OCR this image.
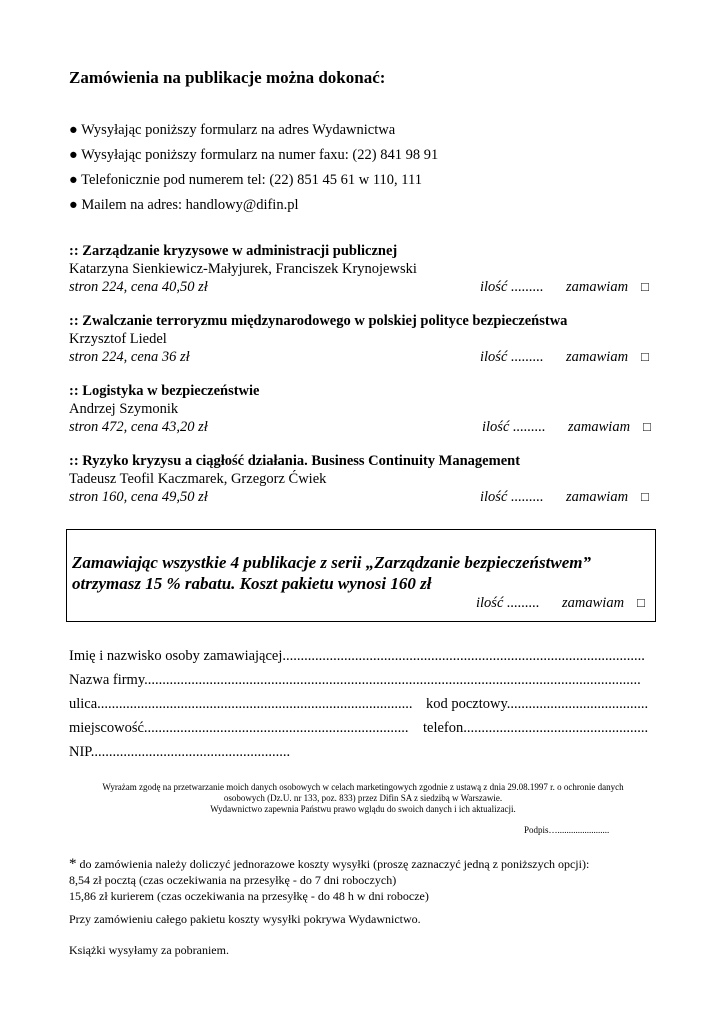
Zamówienia na publikacje można dokonać:
● Wysyłając poniższy formularz na adres Wydawnictwa
● Wysyłając poniższy formularz na numer faxu: (22) 841 98 91
● Telefonicznie pod numerem tel: (22) 851 45 61 w 110, 111
● Mailem na adres: handlowy@difin.pl
:: Zarządzanie kryzysowe w administracji publicznej
Katarzyna Sienkiewicz-Małyjurek, Franciszek Krynojewski
stron 224, cena 40,50 zł	ilość ......... zamawiam □
:: Zwalczanie terroryzmu międzynarodowego w polskiej polityce bezpieczeństwa
Krzysztof Liedel
stron 224, cena 36 zł	ilość ......... zamawiam □
:: Logistyka w bezpieczeństwie
Andrzej Szymonik
stron 472, cena 43,20 zł	ilość ......... zamawiam □
:: Ryzyko kryzysu a ciągłość działania. Business Continuity Management
Tadeusz Teofil Kaczmarek, Grzegorz Ćwiek
stron 160, cena 49,50 zł	ilość ......... zamawiam □
Zamawiając wszystkie 4 publikacje z serii „Zarządzanie bezpieczeństwem”
otrzymasz 15 % rabatu. Koszt pakietu wynosi 160 zł
ilość ......... zamawiam □
Imię i nazwisko osoby zamawiającej....................................................................................................
Nazwa firmy.........................................................................................................................................
ulica....................................................................................... kod pocztowy.......................................
miejscowość......................................................................... telefon...................................................
NIP.......................................................
Wyrażam zgodę na przetwarzanie moich danych osobowych w celach marketingowych zgodnie z ustawą z dnia 29.08.1997 r. o ochronie danych
osobowych (Dz.U. nr 133, poz. 833) przez Difin SA z siedzibą w Warszawie.
Wydawnictwo zapewnia Państwu prawo wglądu do swoich danych i ich aktualizacji.
Podpis….......................
* do zamówienia należy doliczyć jednorazowe koszty wysyłki (proszę zaznaczyć jedną z poniższych opcji):
8,54 zł pocztą (czas oczekiwania na przesyłkę - do 7 dni roboczych)
15,86 zł kurierem (czas oczekiwania na przesyłkę - do 48 h w dni robocze)
Przy zamówieniu całego pakietu koszty wysyłki pokrywa Wydawnictwo.
Książki wysyłamy za pobraniem.
